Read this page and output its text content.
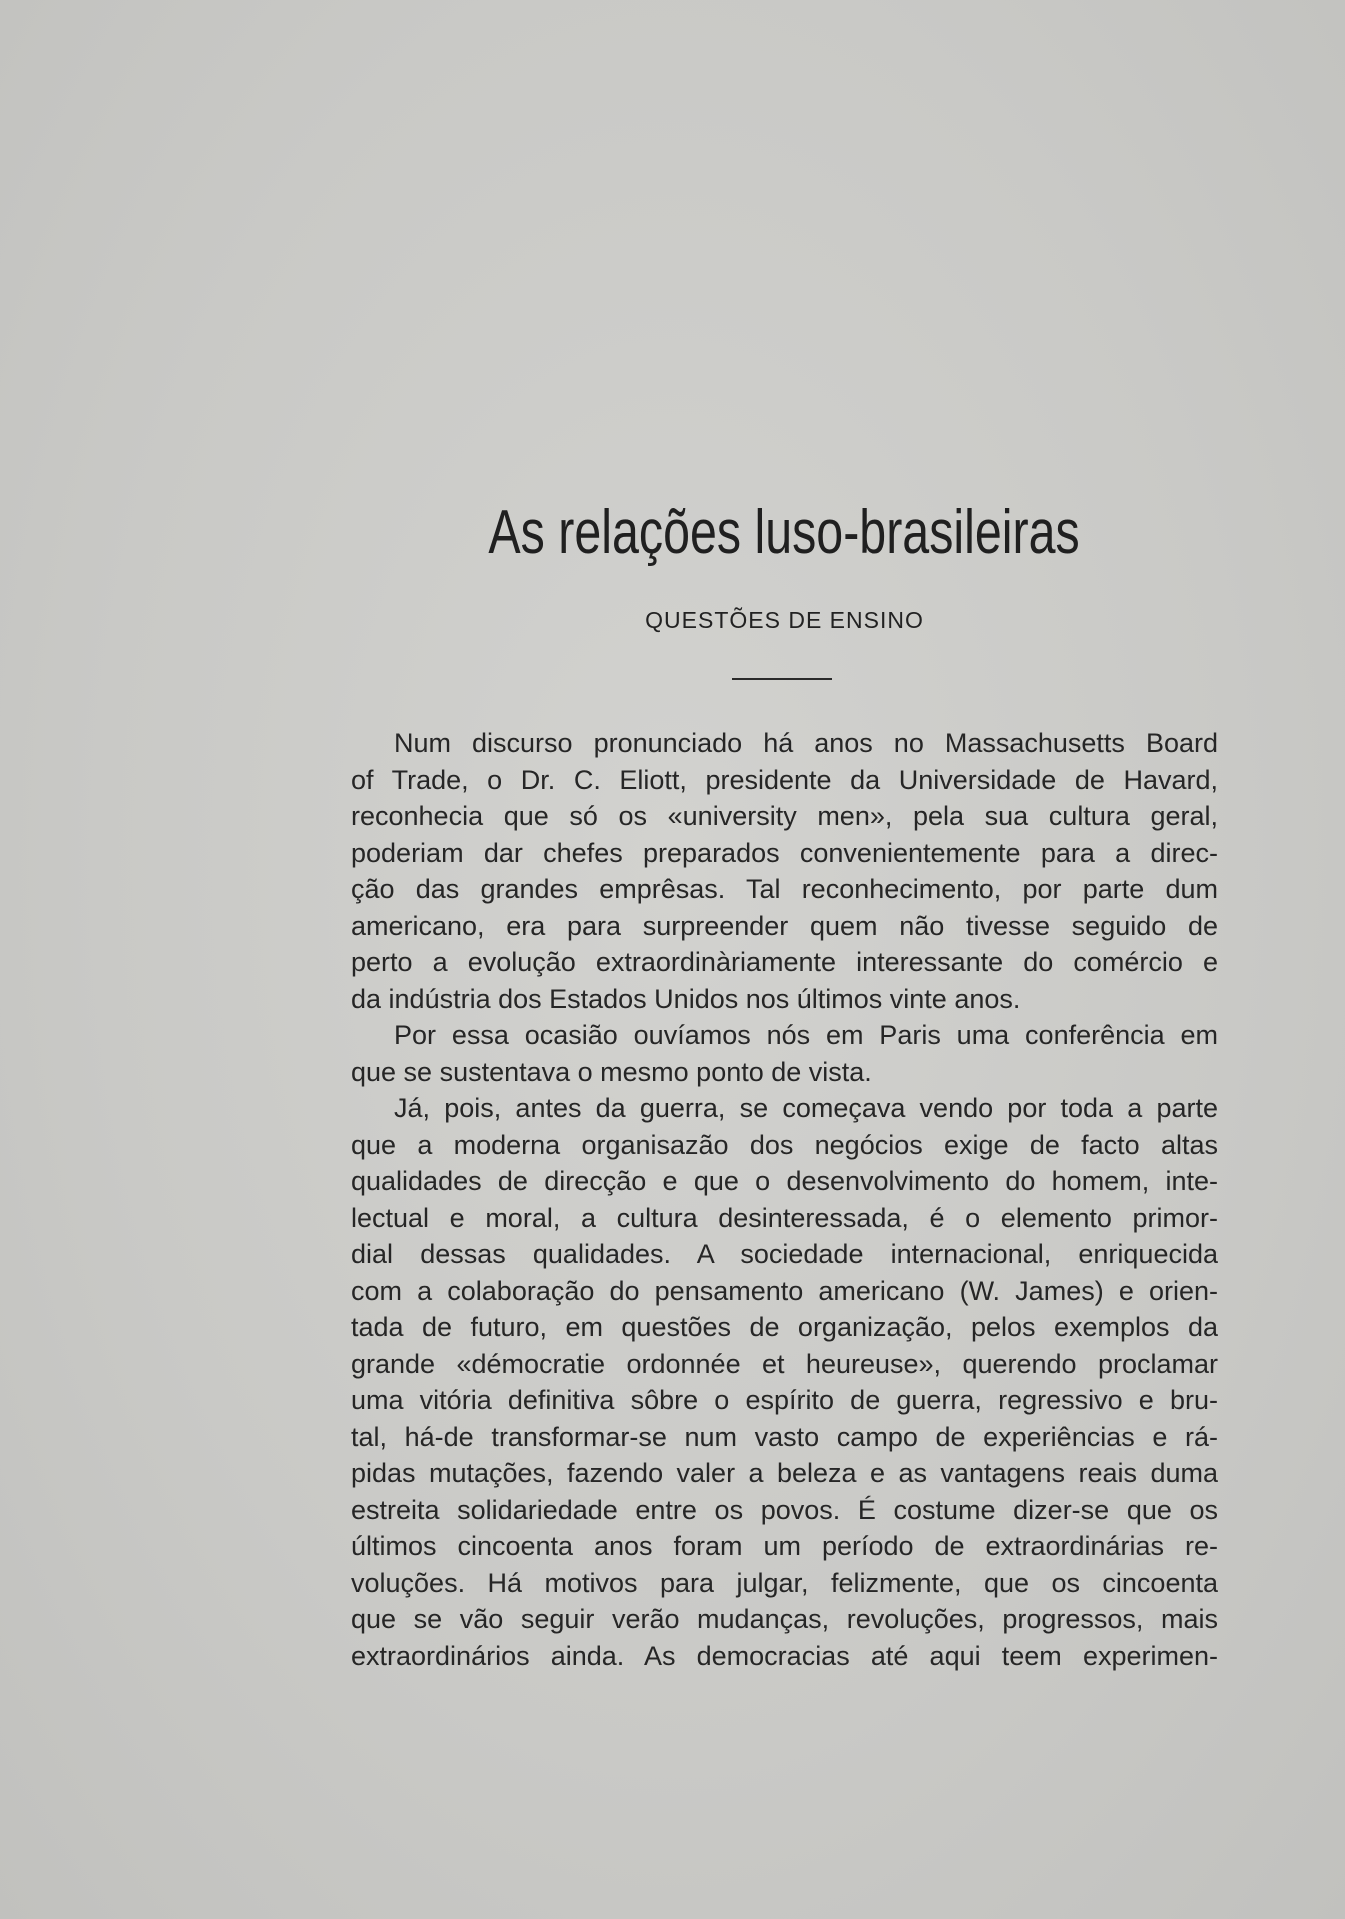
As relações luso-brasileiras
QUESTÕES DE ENSINO
Num discurso pronunciado há anos no Massachusetts Board
of Trade, o Dr. C. Eliott, presidente da Universidade de Havard,
reconhecia que só os «university men», pela sua cultura geral,
poderiam dar chefes preparados convenientemente para a direc-
ção das grandes emprêsas. Tal reconhecimento, por parte dum
americano, era para surpreender quem não tivesse seguido de
perto a evolução extraordinàriamente interessante do comércio e
da indústria dos Estados Unidos nos últimos vinte anos.
Por essa ocasião ouvíamos nós em Paris uma conferência em
que se sustentava o mesmo ponto de vista.
Já, pois, antes da guerra, se começava vendo por toda a parte
que a moderna organisazão dos negócios exige de facto altas
qualidades de direcção e que o desenvolvimento do homem, inte-
lectual e moral, a cultura desinteressada, é o elemento primor-
dial dessas qualidades. A sociedade internacional, enriquecida
com a colaboração do pensamento americano (W. James) e orien-
tada de futuro, em questões de organização, pelos exemplos da
grande «démocratie ordonnée et heureuse», querendo proclamar
uma vitória definitiva sôbre o espírito de guerra, regressivo e bru-
tal, há-de transformar-se num vasto campo de experiências e rá-
pidas mutações, fazendo valer a beleza e as vantagens reais duma
estreita solidariedade entre os povos. É costume dizer-se que os
últimos cincoenta anos foram um período de extraordinárias re-
voluções. Há motivos para julgar, felizmente, que os cincoenta
que se vão seguir verão mudanças, revoluções, progressos, mais
extraordinários ainda. As democracias até aqui teem experimen-
